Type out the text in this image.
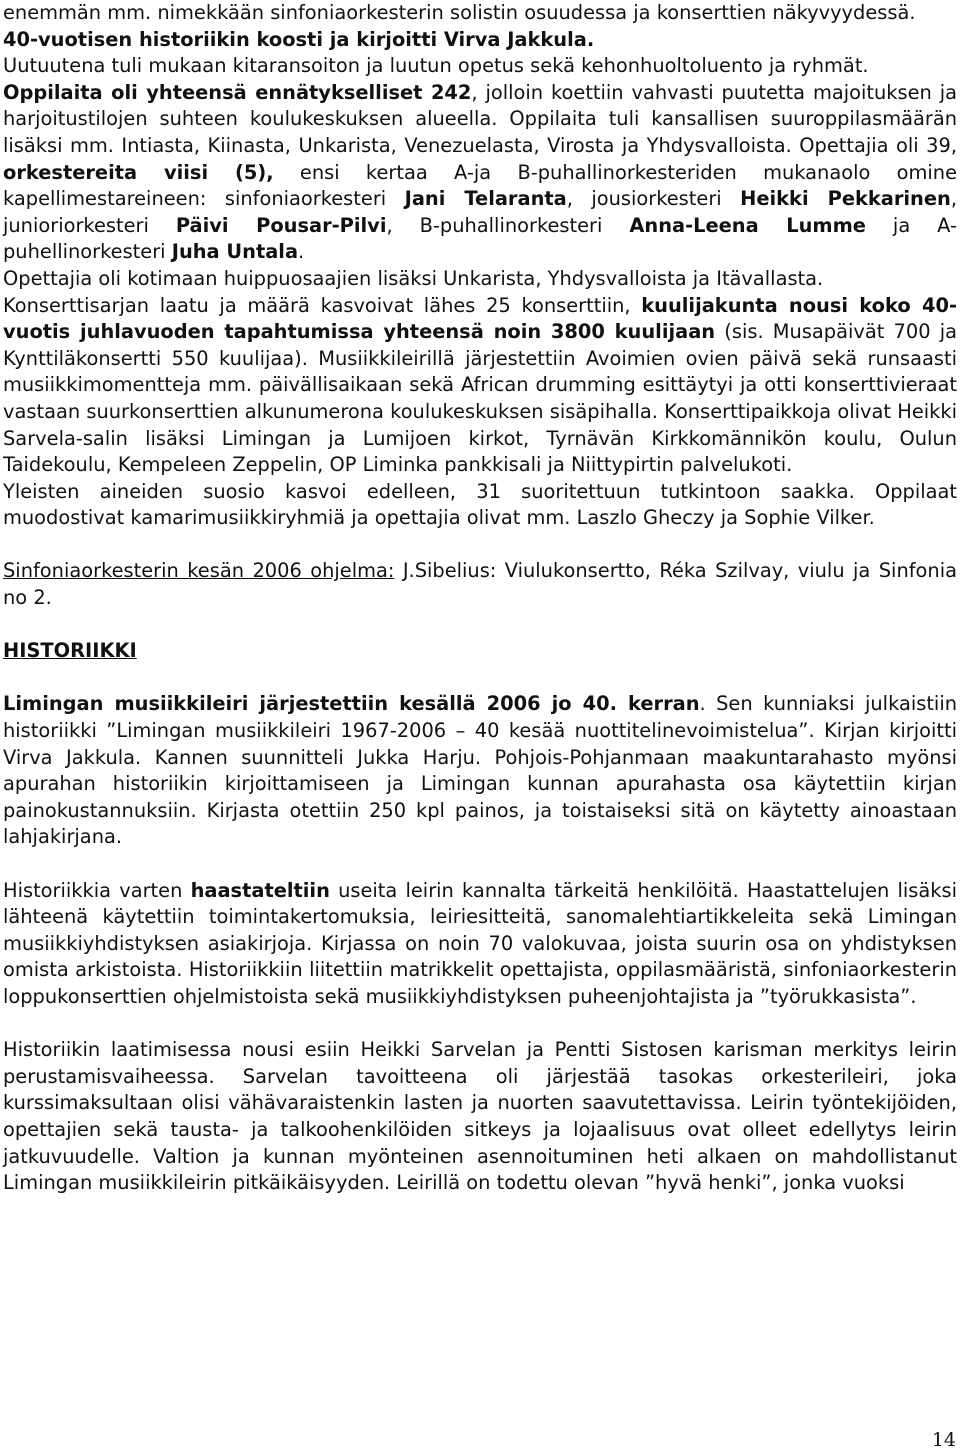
enemmän mm. nimekkään sinfoniaorkesterin solistin osuudessa ja konserttien näkyvyydessä.

40-vuotisen historiikin koosti ja kirjoitti Virva Jakkula.

Uutuutena tuli mukaan kitaransoiton ja luutun opetus sekä kehonhuoltoluento ja ryhmät.

Oppilaita oli yhteensä ennätykselliset 242, jolloin koettiin vahvasti puutetta majoituksen ja harjoitustilojen suhteen koulukeskuksen alueella. Oppilaita tuli kansallisen suuroppilasmäärän lisäksi mm. Intiasta, Kiinasta, Unkarista, Venezuelasta, Virosta ja Yhdysvalloista. Opettajia oli 39, orkestereita viisi (5), ensi kertaa A-ja B-puhallinorkesteriden mukanaolo omine kapellimestareineen: sinfoniaorkesteri Jani Telaranta, jousiorkesteri Heikki Pekkarinen, junioriorkesteri Päivi Pousar-Pilvi, B-puhallinorkesteri Anna-Leena Lumme ja A-puhellinorkesteri Juha Untala.

Opettajia oli kotimaan huippuosaajien lisäksi Unkarista, Yhdysvalloista ja Itävallasta.

Konserttisarjan laatu ja määrä kasvoivat lähes 25 konserttiin, kuulijakunta nousi koko 40-vuotis juhlavuoden tapahtumissa yhteensä noin 3800 kuulijaan (sis. Musapäivät 700 ja Kynttiläkonsertti 550 kuulijaa). Musiikkileirillä järjestettiin Avoimien ovien päivä sekä runsaasti musiikkimomentteja mm. päivällisaikaan sekä African drumming esittäytyi ja otti konserttivieraat vastaan suurkonserttien alkunumerona koulukeskuksen sisäpihalla. Konserttipaikkoja olivat Heikki Sarvela-salin lisäksi Limingan ja Lumijoen kirkot, Tyrnävän Kirkkomännikön koulu, Oulun Taidekoulu, Kempeleen Zeppelin, OP Liminka pankkisali ja Niittypirtin palvelukoti.

Yleisten aineiden suosio kasvoi edelleen, 31 suoritettuun tutkintoon saakka. Oppilaat muodostivat kamarimusiikkiryhmiä ja opettajia olivat mm. Laszlo Gheczy ja Sophie Vilker.

Sinfoniaorkesterin kesän 2006 ohjelma: J.Sibelius: Viulukonsertto, Réka Szilvay, viulu ja Sinfonia no 2.

HISTORIIKKI

Limingan musiikkileiri järjestettiin kesällä 2006 jo 40. kerran. Sen kunniaksi julkaistiin historiikki ”Limingan musiikkileiri 1967-2006 – 40 kesää nuottitelinevoimistelua”. Kirjan kirjoitti Virva Jakkula. Kannen suunnitteli Jukka Harju. Pohjois-Pohjanmaan maakuntarahasto myönsi apurahan historiikin kirjoittamiseen ja Limingan kunnan apurahasta osa käytettiin kirjan painokustannuksiin. Kirjasta otettiin 250 kpl painos, ja toistaiseksi sitä on käytetty ainoastaan lahjakirjana.

Historiikkia varten haastateltiin useita leirin kannalta tärkeitä henkilöitä. Haastattelujen lisäksi lähteenä käytettiin toimintakertomuksia, leiriesitteitä, sanomalehtiartikkeleita sekä Limingan musiikkiyhdistyksen asiakirjoja. Kirjassa on noin 70 valokuvaa, joista suurin osa on yhdistyksen omista arkistoista. Historiikkiin liitettiin matrikkelit opettajista, oppilasmääristä, sinfoniaorkesterin loppukonserttien ohjelmistoista sekä musiikkiyhdistyksen puheenjohtajista ja ”työrukkasista”.

Historiikin laatimisessa nousi esiin Heikki Sarvelan ja Pentti Sistosen karisman merkitys leirin perustamisvaiheessa. Sarvelan tavoitteena oli järjestää tasokas orkesterileiri, joka kurssimaksultaan olisi vähävaraistenkin lasten ja nuorten saavutettavissa. Leirin työntekijöiden, opettajien sekä tausta- ja talkoohenkilöiden sitkeys ja lojaalisuus ovat olleet edellytys leirin jatkuvuudelle. Valtion ja kunnan myönteinen asennoituminen heti alkaen on mahdollistanut Limingan musiikkileirin pitkäikäisyyden. Leirillä on todettu olevan ”hyvä henki”, jonka vuoksi

14
